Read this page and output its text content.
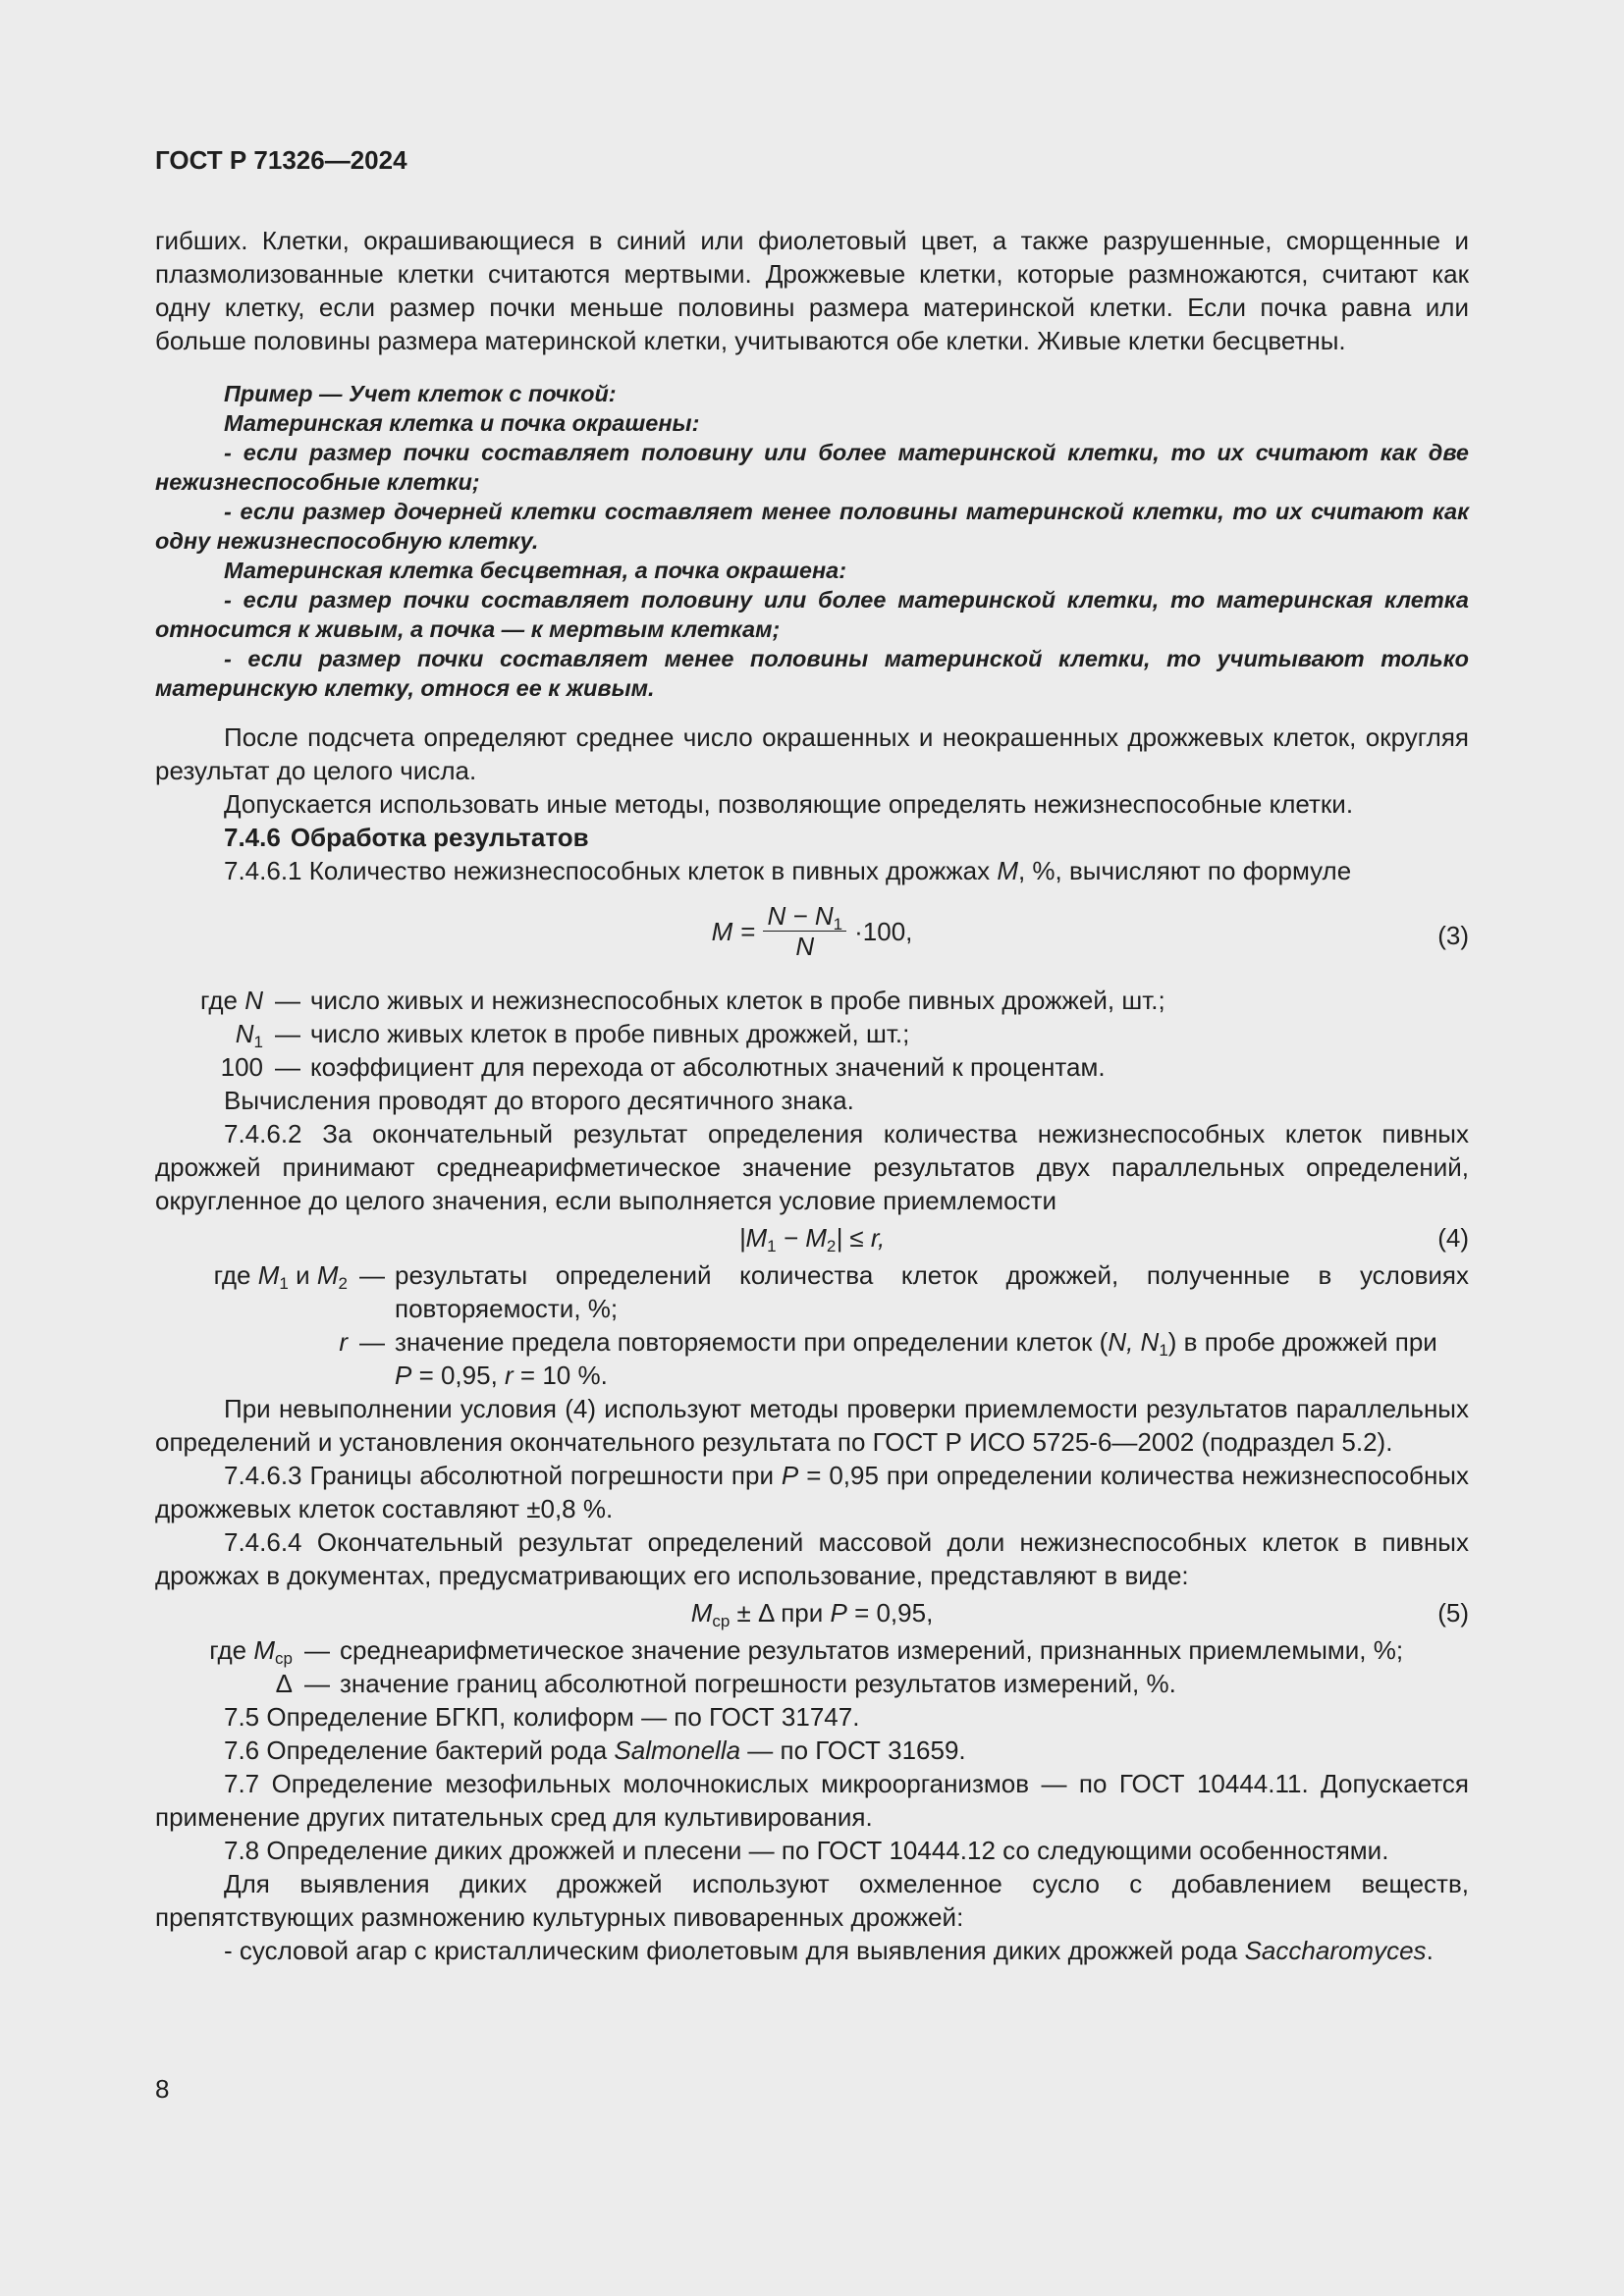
ГОСТ Р 71326—2024

гибших. Клетки, окрашивающиеся в синий или фиолетовый цвет, а также разрушенные, сморщенные и плазмолизованные клетки считаются мертвыми. Дрожжевые клетки, которые размножаются, считают как одну клетку, если размер почки меньше половины размера материнской клетки. Если почка равна или больше половины размера материнской клетки, учитываются обе клетки. Живые клетки бесцветны.

Пример — Учет клеток с почкой:

Материнская клетка и почка окрашены:

- если размер почки составляет половину или более материнской клетки, то их считают как две нежизнеспособные клетки;

- если размер дочерней клетки составляет менее половины материнской клетки, то их считают как одну нежизнеспособную клетку.

Материнская клетка бесцветная, а почка окрашена:

- если размер почки составляет половину или более материнской клетки, то материнская клетка относится к живым, а почка — к мертвым клеткам;

- если размер почки составляет менее половины материнской клетки, то учитывают только материнскую клетку, относя ее к живым.

После подсчета определяют среднее число окрашенных и неокрашенных дрожжевых клеток, округляя результат до целого числа.

Допускается использовать иные методы, позволяющие определять нежизнеспособные клетки.

7.4.6 Обработка результатов

7.4.6.1 Количество нежизнеспособных клеток в пивных дрожжах M, %, вычисляют по формуле

$M = \frac{N - N_1}{N} \cdot 100$,	(3)
где N — число живых и нежизнеспособных клеток в пробе пивных дрожжей, шт.;
$N_1$ — число живых клеток в пробе пивных дрожжей, шт.;
100 — коэффициент для перехода от абсолютных значений к процентам.

Вычисления проводят до второго десятичного знака.

7.4.6.2 За окончательный результат определения количества нежизнеспособных клеток пивных дрожжей принимают среднеарифметическое значение результатов двух параллельных определений, округленное до целого значения, если выполняется условие приемлемости

$|M_1 - M_2| \le r$,	(4)
где $M_1$ и $M_2$ — результаты определений количества клеток дрожжей, полученные в условиях повторяемости, %;
r — значение предела повторяемости при определении клеток (N, $N_1$) в пробе дрожжей при
P = 0,95, r = 10 %.

При невыполнении условия (4) используют методы проверки приемлемости результатов параллельных определений и установления окончательного результата по ГОСТ Р ИСО 5725-6—2002 (подраздел 5.2).

7.4.6.3 Границы абсолютной погрешности при P = 0,95 при определении количества нежизнеспособных дрожжевых клеток составляют ±0,8 %.

7.4.6.4 Окончательный результат определений массовой доли нежизнеспособных клеток в пивных дрожжах в документах, предусматривающих его использование, представляют в виде:

$M_{ср} \pm \Delta$ при P = 0,95,	(5)
где $M_{ср}$ — среднеарифметическое значение результатов измерений, признанных приемлемыми, %;
Δ — значение границ абсолютной погрешности результатов измерений, %.

7.5 Определение БГКП, колиформ — по ГОСТ 31747.

7.6 Определение бактерий рода Salmonella — по ГОСТ 31659.

7.7 Определение мезофильных молочнокислых микроорганизмов — по ГОСТ 10444.11. Допускается применение других питательных сред для культивирования.

7.8 Определение диких дрожжей и плесени — по ГОСТ 10444.12 со следующими особенностями.

Для выявления диких дрожжей используют охмеленное сусло с добавлением веществ, препятствующих размножению культурных пивоваренных дрожжей:

- сусловой агар с кристаллическим фиолетовым для выявления диких дрожжей рода Saccharomyces.

8
